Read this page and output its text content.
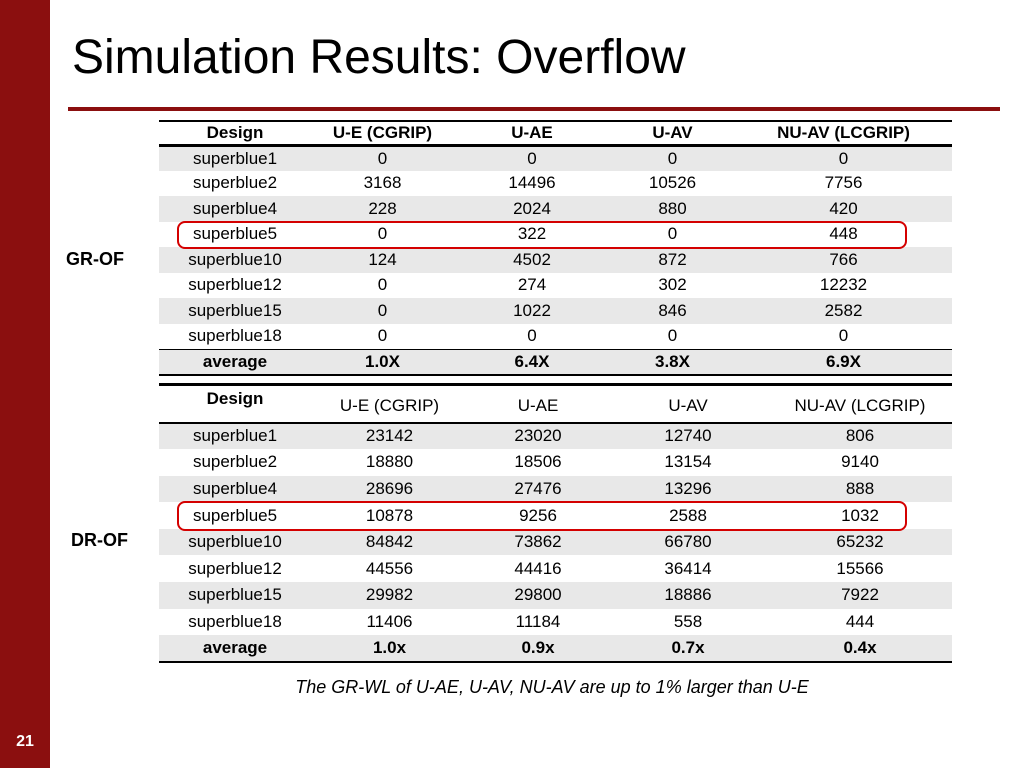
21
Simulation Results: Overflow
GR-OF
DR-OF
Design	U-E (CGRIP)	U-AE	U-AV	NU-AV (LCGRIP)
superblue1	0	0	0	0
superblue2	3168	14496	10526	7756
superblue4	228	2024	880	420
superblue5	0	322	0	448
superblue10	124	4502	872	766
superblue12	0	274	302	12232
superblue15	0	1022	846	2582
superblue18	0	0	0	0
average	1.0X	6.4X	3.8X	6.9X
Design	U-E (CGRIP)	U-AE	U-AV	NU-AV (LCGRIP)
superblue1	23142	23020	12740	806
superblue2	18880	18506	13154	9140
superblue4	28696	27476	13296	888
superblue5	10878	9256	2588	1032
superblue10	84842	73862	66780	65232
superblue12	44556	44416	36414	15566
superblue15	29982	29800	18886	7922
superblue18	11406	11184	558	444
average	1.0x	0.9x	0.7x	0.4x
The GR-WL of U-AE, U-AV, NU-AV are up to 1% larger than U-E
